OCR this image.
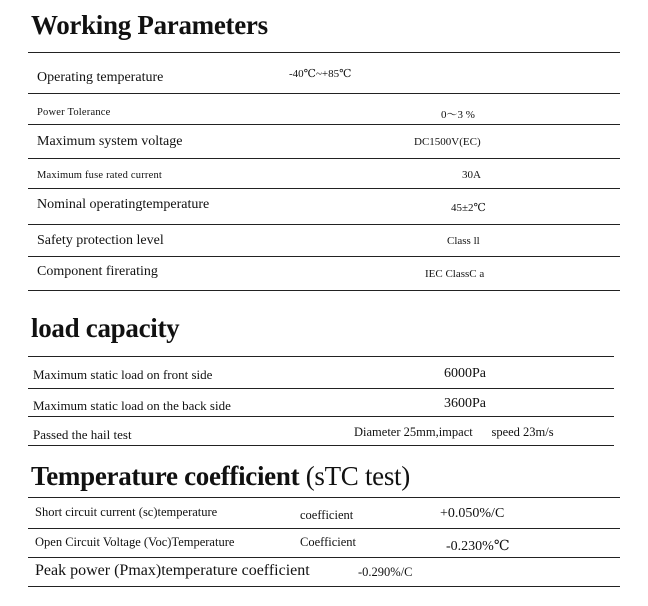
Working Parameters
Operating temperature	-40℃~+85℃
Power Tolerance	0～3 %
Maximum system voltage	DC1500V(EC)
Maximum fuse rated current	30A
Nominal operatingtemperature	45±2℃
Safety protection level	Class ll
Component firerating	IEC ClassC a
load capacity
Maximum static load on front side	6000Pa
Maximum static load on the back side	3600Pa
Passed the hail test	Diameter 25mm,impact      speed 23m/s
Temperature coefficient (sTC test)
Short circuit current (sc)temperature	coefficient	+0.050%/C
Open Circuit Voltage (Voc)Temperature	Coefficient	-0.230%℃
Peak power (Pmax)temperature coefficient	-0.290%/C
